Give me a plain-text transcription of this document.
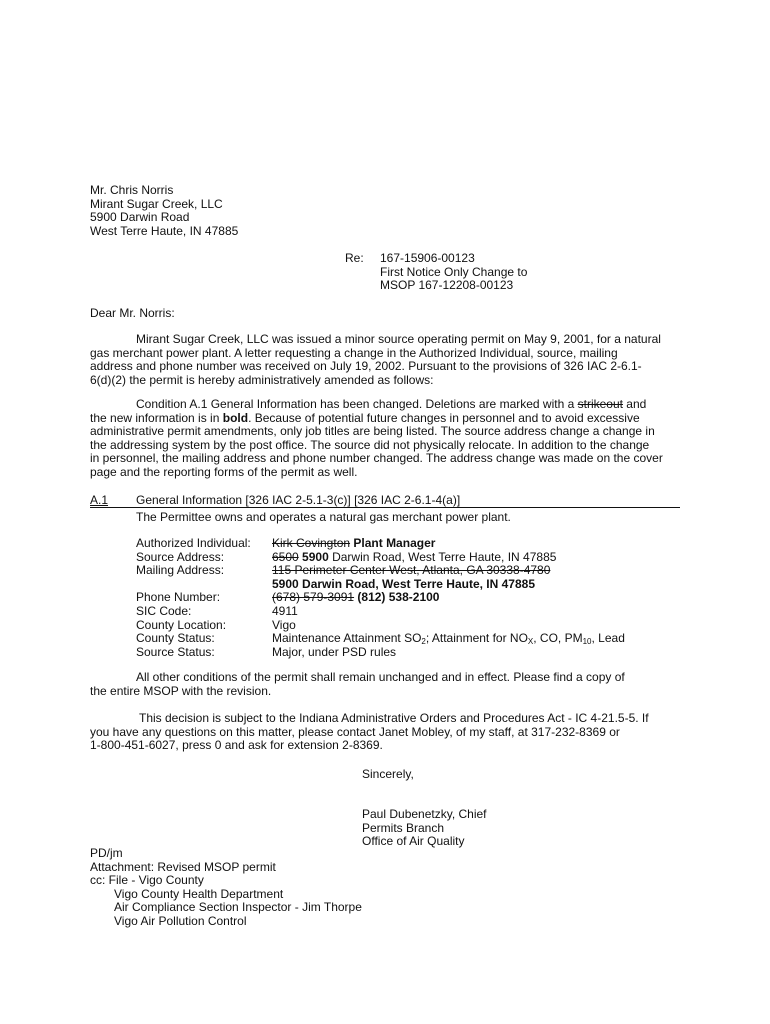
Mr. Chris Norris
Mirant Sugar Creek, LLC
5900 Darwin Road
West Terre Haute, IN 47885
Re: 167-15906-00123
First Notice Only Change to
MSOP 167-12208-00123
Dear Mr. Norris:
Mirant Sugar Creek, LLC was issued a minor source operating permit on May 9, 2001, for a natural
gas merchant power plant. A letter requesting a change in the Authorized Individual, source, mailing
address and phone number was received on July 19, 2002. Pursuant to the provisions of 326 IAC 2-6.1-
6(d)(2) the permit is hereby administratively amended as follows:
Condition A.1 General Information has been changed. Deletions are marked with a strikeout and
the new information is in bold. Because of potential future changes in personnel and to avoid excessive
administrative permit amendments, only job titles are being listed. The source address change a change in
the addressing system by the post office. The source did not physically relocate. In addition to the change
in personnel, the mailing address and phone number changed. The address change was made on the cover
page and the reporting forms of the permit as well.
A.1 General Information [326 IAC 2-5.1-3(c)] [326 IAC 2-6.1-4(a)]
The Permittee owns and operates a natural gas merchant power plant.
Authorized Individual:
Source Address:
Mailing Address:
Phone Number:
SIC Code:
County Location:
County Status:
Source Status:
Kirk Covington Plant Manager
6500 5900 Darwin Road, West Terre Haute, IN 47885
115 Perimeter Center West, Atlanta, GA 30338-4780
5900 Darwin Road, West Terre Haute, IN 47885
(678) 579-3091 (812) 538-2100
4911
Vigo
Maintenance Attainment $SO_2$; Attainment for $NO_X$, CO, $PM_{10}$, Lead
Major, under PSD rules
All other conditions of the permit shall remain unchanged and in effect. Please find a copy of
the entire MSOP with the revision.
This decision is subject to the Indiana Administrative Orders and Procedures Act - IC 4-21.5-5. If
you have any questions on this matter, please contact Janet Mobley, of my staff, at 317-232-8369 or
1-800-451-6027, press 0 and ask for extension 2-8369.
Sincerely,
Paul Dubenetzky, Chief
Permits Branch
Office of Air Quality
PD/jm
Attachment: Revised MSOP permit
cc: File - Vigo County
Vigo County Health Department
Air Compliance Section Inspector - Jim Thorpe
Vigo Air Pollution Control
